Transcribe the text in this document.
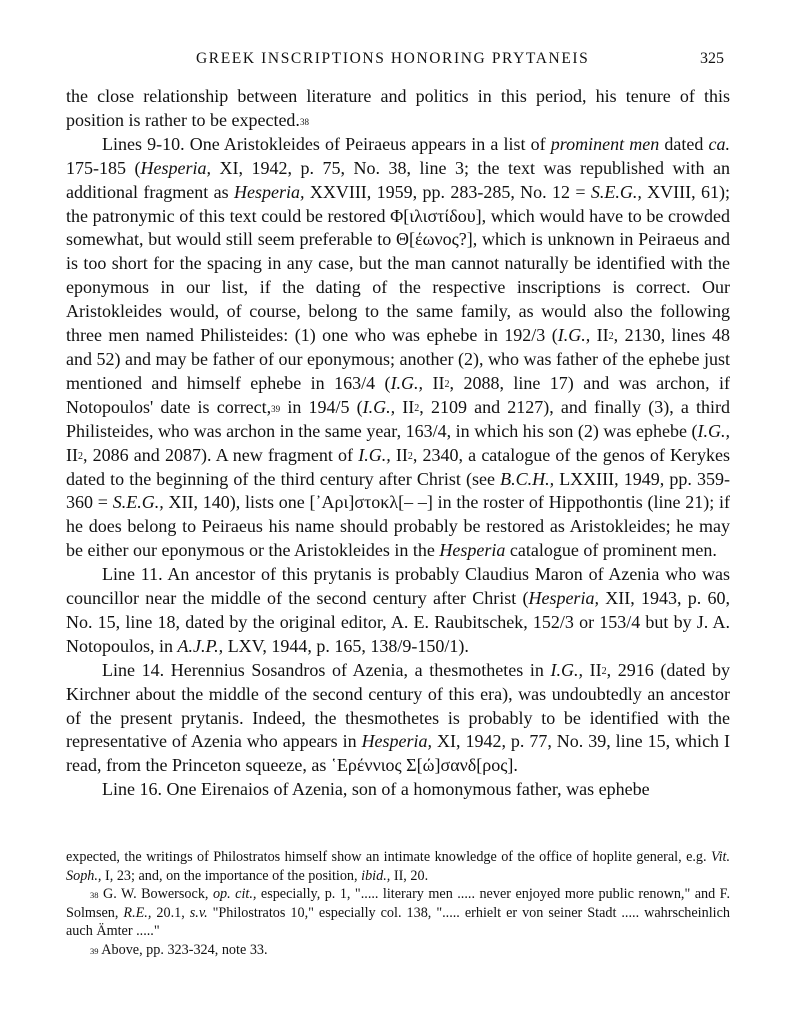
GREEK INSCRIPTIONS HONORING PRYTANEIS	325

the close relationship between literature and politics in this period, his tenure of this position is rather to be expected.$^{38}$

Lines 9-10. One Aristokleides of Peiraeus appears in a list of prominent men dated ca. 175-185 (Hesperia, XI, 1942, p. 75, No. 38, line 3; the text was republished with an additional fragment as Hesperia, XXVIII, 1959, pp. 283-285, No. 12 = S.E.G., XVIII, 61); the patronymic of this text could be restored Φ[ιλιστίδου], which would have to be crowded somewhat, but would still seem preferable to Θ[έωνος?], which is unknown in Peiraeus and is too short for the spacing in any case, but the man cannot naturally be identified with the eponymous in our list, if the dating of the respective inscriptions is correct. Our Aristokleides would, of course, belong to the same family, as would also the following three men named Philisteides: (1) one who was ephebe in 192/3 (I.G., $II^2$, 2130, lines 48 and 52) and may be father of our eponymous; another (2), who was father of the ephebe just mentioned and himself ephebe in 163/4 (I.G., $II^2$, 2088, line 17) and was archon, if Notopoulos' date is correct,$^{39}$ in 194/5 (I.G., $II^2$, 2109 and 2127), and finally (3), a third Philisteides, who was archon in the same year, 163/4, in which his son (2) was ephebe (I.G., $II^2$, 2086 and 2087). A new fragment of I.G., $II^2$, 2340, a catalogue of the genos of Kerykes dated to the beginning of the third century after Christ (see B.C.H., LXXIII, 1949, pp. 359-360 = S.E.G., XII, 140), lists one [᾿Αρι]στοκλ[– –] in the roster of Hippothontis (line 21); if he does belong to Peiraeus his name should probably be restored as Aristokleides; he may be either our eponymous or the Aristokleides in the Hesperia catalogue of prominent men.

Line 11. An ancestor of this prytanis is probably Claudius Maron of Azenia who was councillor near the middle of the second century after Christ (Hesperia, XII, 1943, p. 60, No. 15, line 18, dated by the original editor, A. E. Raubitschek, 152/3 or 153/4 but by J. A. Notopoulos, in A.J.P., LXV, 1944, p. 165, 138/9-150/1).

Line 14. Herennius Sosandros of Azenia, a thesmothetes in I.G., $II^2$, 2916 (dated by Kirchner about the middle of the second century of this era), was undoubtedly an ancestor of the present prytanis. Indeed, the thesmothetes is probably to be identified with the representative of Azenia who appears in Hesperia, XI, 1942, p. 77, No. 39, line 15, which I read, from the Princeton squeeze, as ῾Ερέννιος Σ[ώ]σανδ[ρος].

Line 16. One Eirenaios of Azenia, son of a homonymous father, was ephebe

expected, the writings of Philostratos himself show an intimate knowledge of the office of hoplite general, e.g. Vit. Soph., I, 23; and, on the importance of the position, ibid., II, 20.

$^{38}$ G. W. Bowersock, op. cit., especially, p. 1, "..... literary men ..... never enjoyed more public renown," and F. Solmsen, R.E., 20.1, s.v. "Philostratos 10," especially col. 138, "..... erhielt er von seiner Stadt ..... wahrscheinlich auch Ämter ....."

$^{39}$ Above, pp. 323-324, note 33.
